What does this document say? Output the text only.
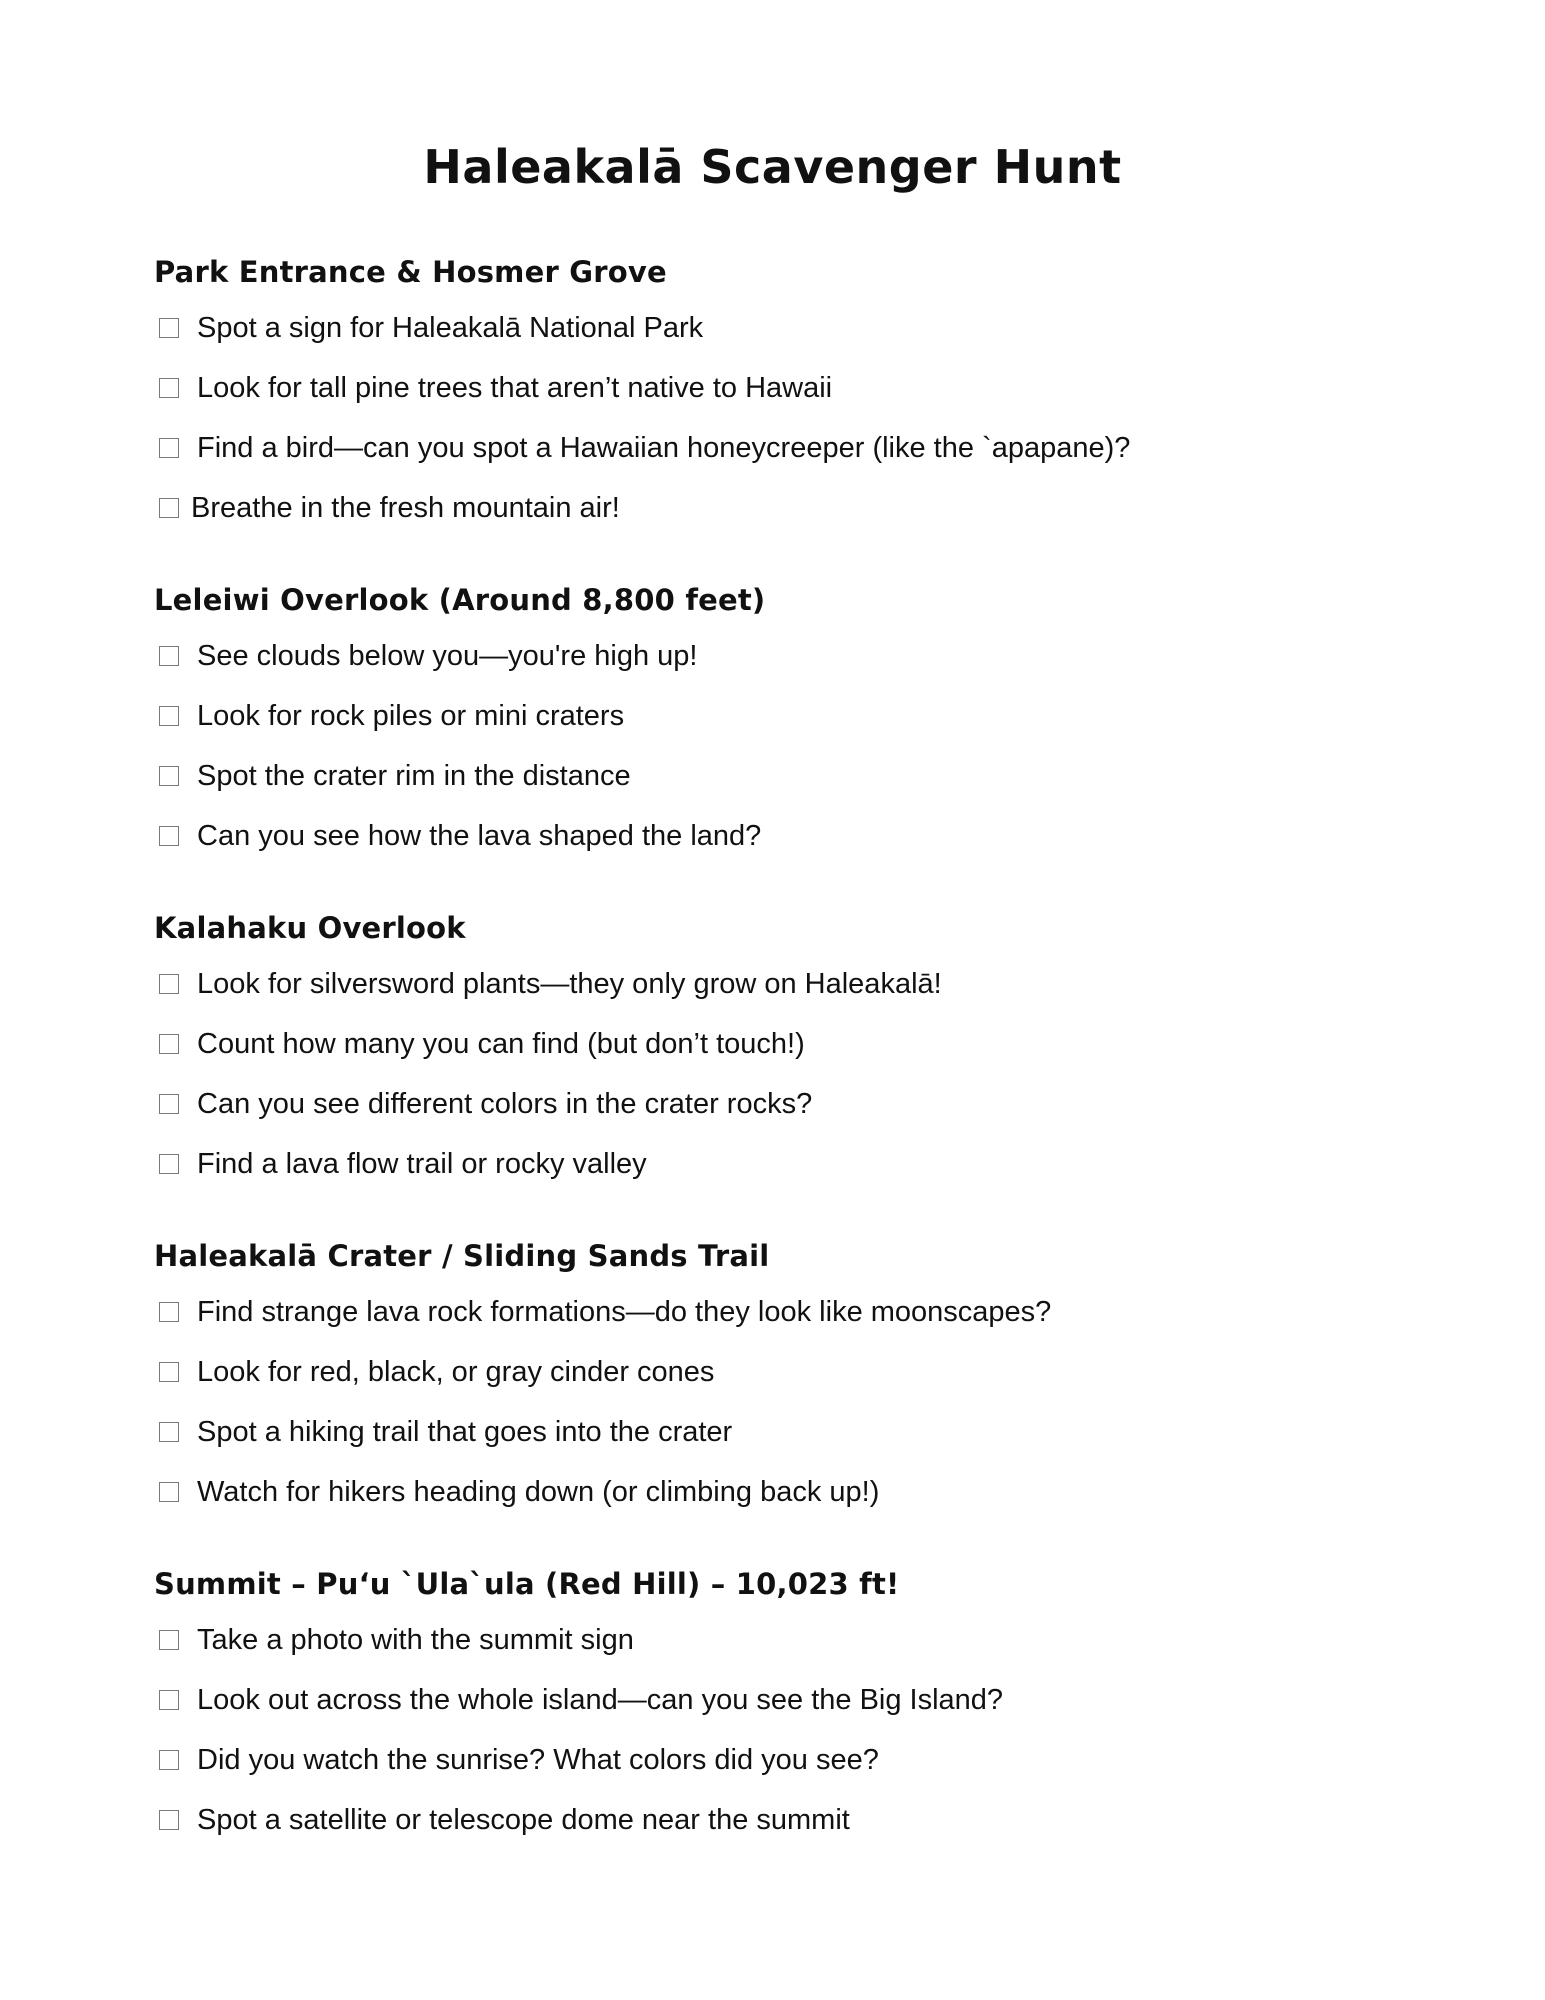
Haleakalā Scavenger Hunt
Park Entrance & Hosmer Grove
Spot a sign for Haleakalā National Park
Look for tall pine trees that aren’t native to Hawaii
Find a bird—can you spot a Hawaiian honeycreeper (like the `apapane)?
Breathe in the fresh mountain air!
Leleiwi Overlook (Around 8,800 feet)
See clouds below you—you're high up!
Look for rock piles or mini craters
Spot the crater rim in the distance
Can you see how the lava shaped the land?
Kalahaku Overlook
Look for silversword plants—they only grow on Haleakalā!
Count how many you can find (but don’t touch!)
Can you see different colors in the crater rocks?
Find a lava flow trail or rocky valley
Haleakalā Crater / Sliding Sands Trail
Find strange lava rock formations—do they look like moonscapes?
Look for red, black, or gray cinder cones
Spot a hiking trail that goes into the crater
Watch for hikers heading down (or climbing back up!)
Summit – Puʻu `Ula`ula (Red Hill) – 10,023 ft!
Take a photo with the summit sign
Look out across the whole island—can you see the Big Island?
Did you watch the sunrise? What colors did you see?
Spot a satellite or telescope dome near the summit
